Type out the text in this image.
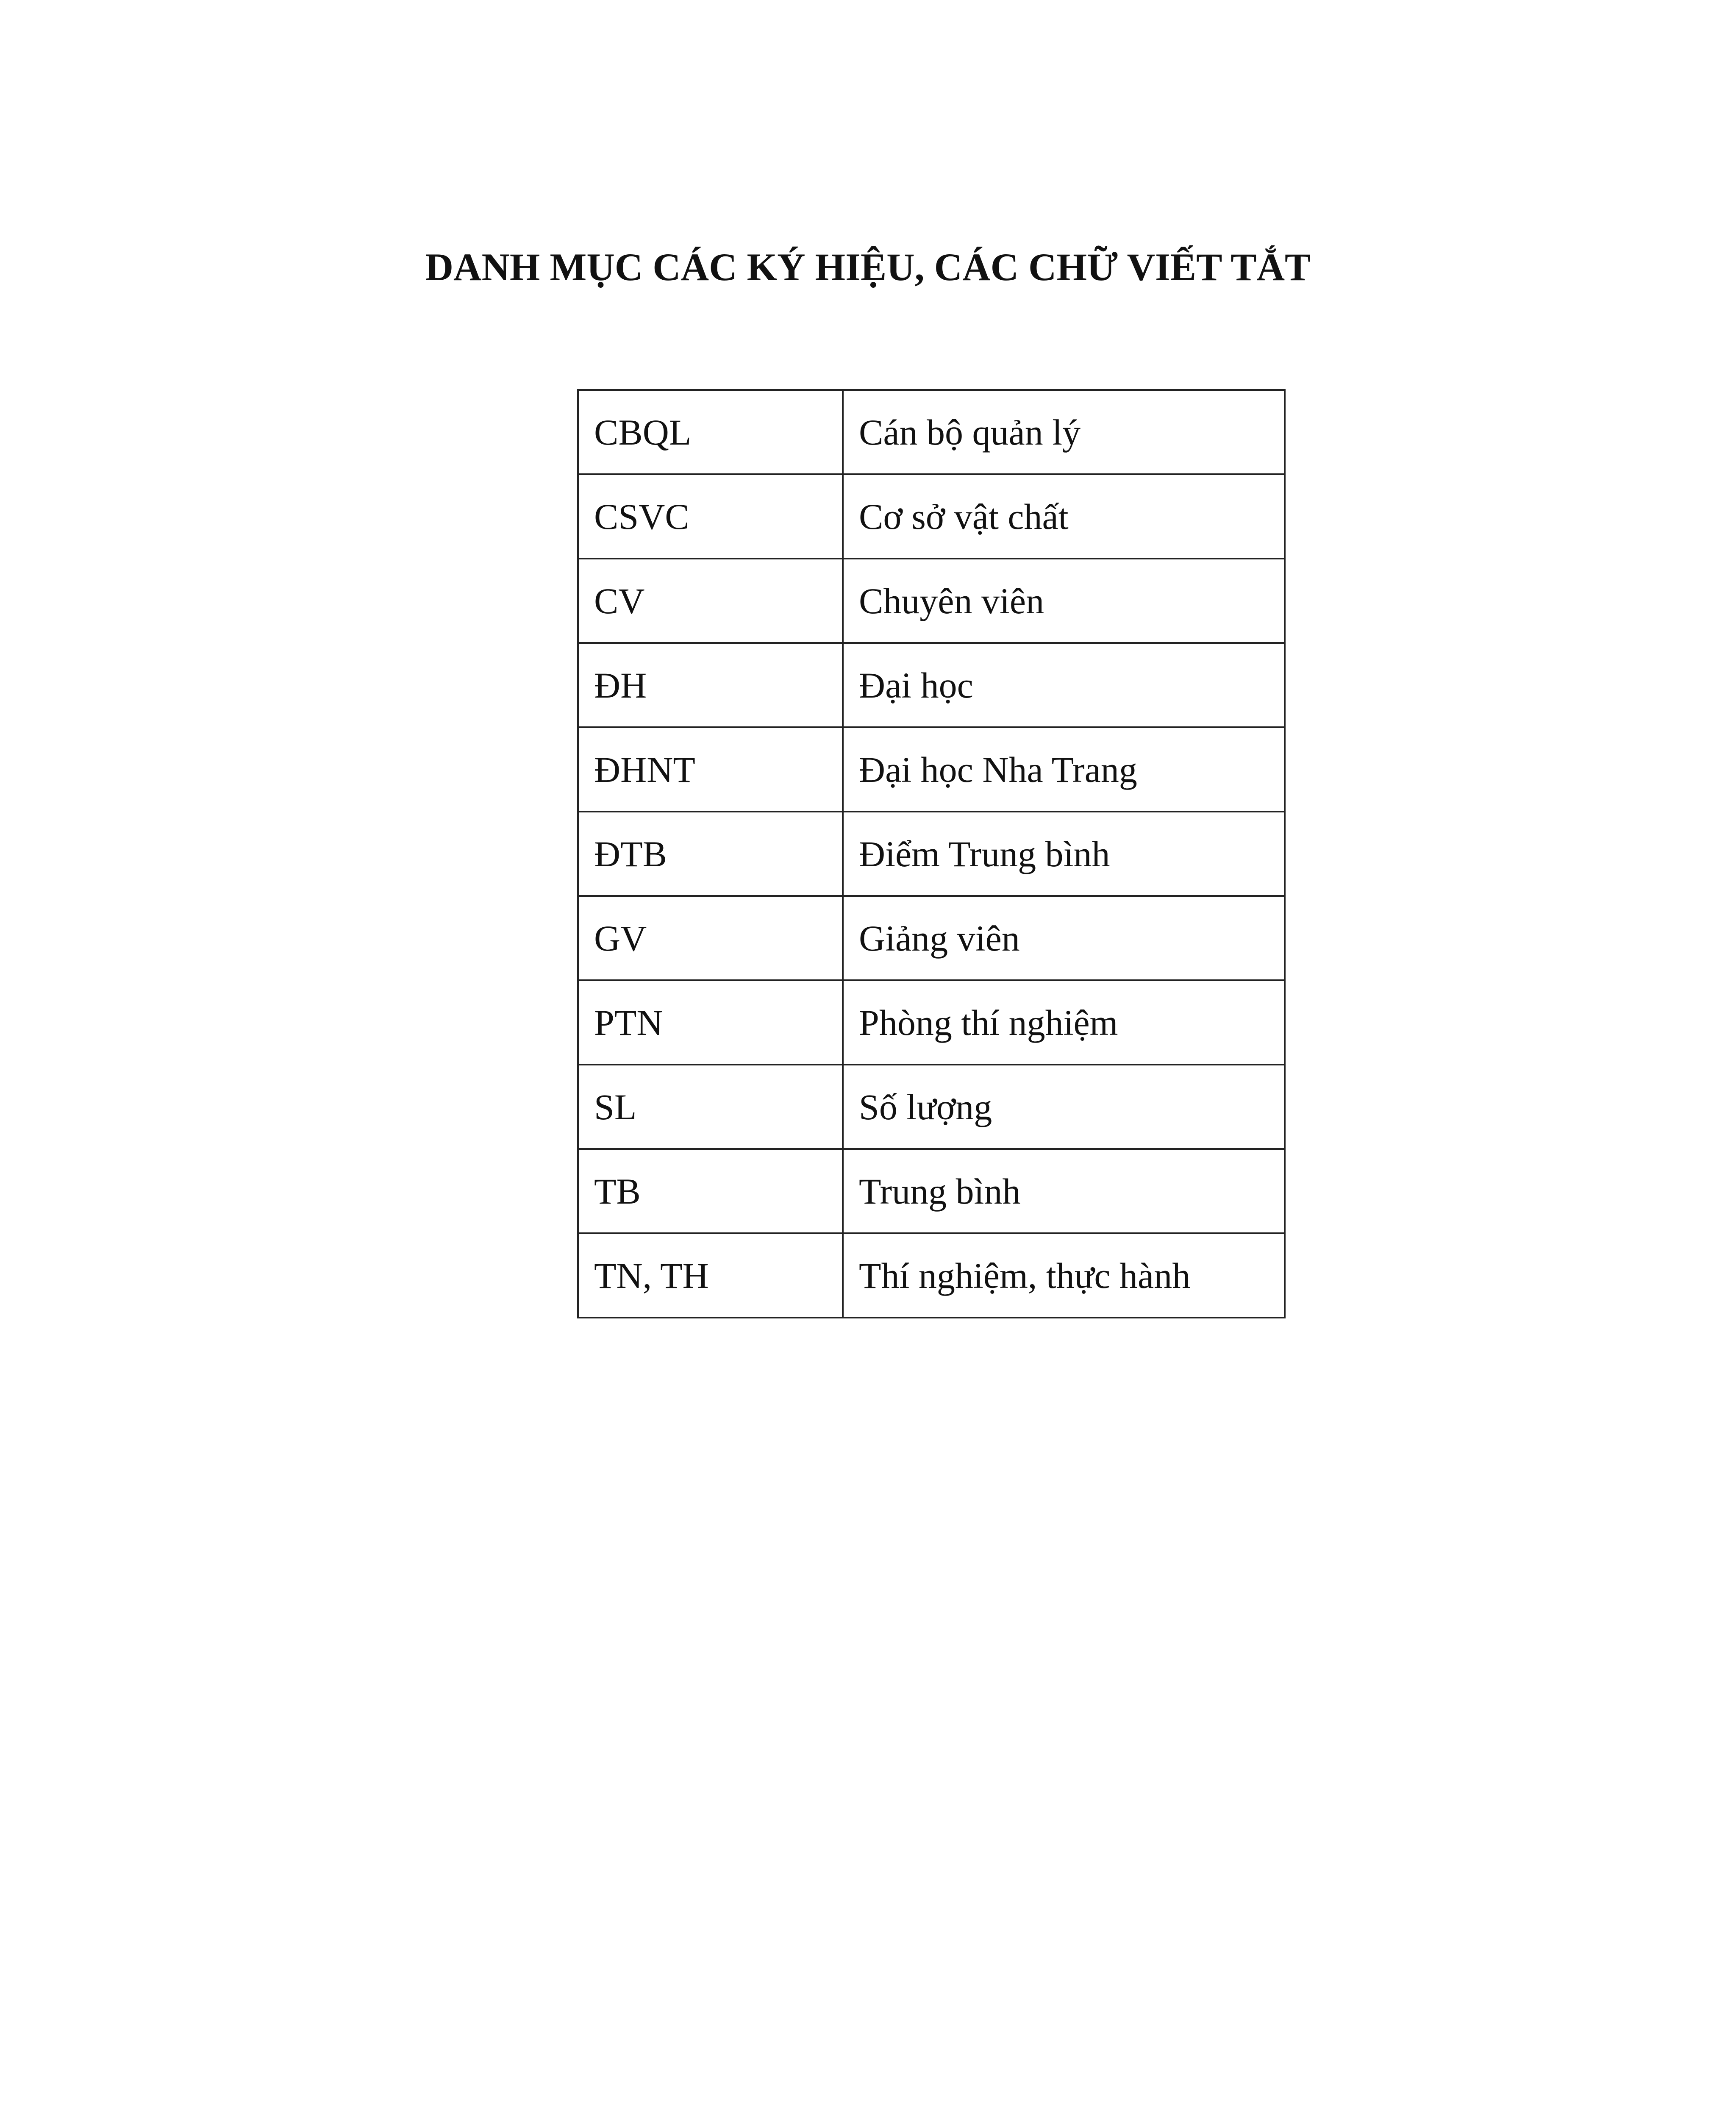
DANH MỤC CÁC KÝ HIỆU, CÁC CHỮ VIẾT TẮT
CBQL	Cán bộ quản lý
CSVC	Cơ sở vật chất
CV	Chuyên viên
ĐH	Đại học
ĐHNT	Đại học Nha Trang
ĐTB	Điểm Trung bình
GV	Giảng viên
PTN	Phòng thí nghiệm
SL	Số lượng
TB	Trung bình
TN, TH	Thí nghiệm, thực hành
